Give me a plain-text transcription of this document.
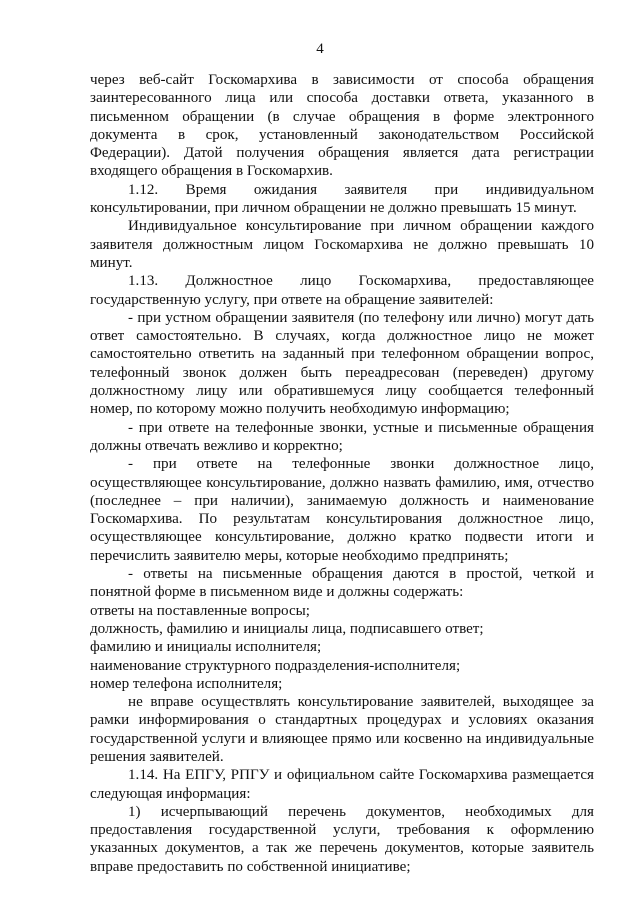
4

через веб-сайт Госкомархива в зависимости от способа обращения заинтересованного лица или способа доставки ответа, указанного в письменном обращении (в случае обращения в форме электронного документа в срок, установленный законодательством Российской Федерации). Датой получения обращения является дата регистрации входящего обращения в Госкомархив.

1.12. Время ожидания заявителя при индивидуальном консультировании, при личном обращении не должно превышать 15 минут.

Индивидуальное консультирование при личном обращении каждого заявителя должностным лицом Госкомархива не должно превышать 10 минут.

1.13. Должностное лицо Госкомархива, предоставляющее государственную услугу, при ответе на обращение заявителей:

- при устном обращении заявителя (по телефону или лично) могут дать ответ самостоятельно. В случаях, когда должностное лицо не может самостоятельно ответить на заданный при телефонном обращении вопрос, телефонный звонок должен быть переадресован (переведен) другому должностному лицу или обратившемуся лицу сообщается телефонный номер, по которому можно получить необходимую информацию;

- при ответе на телефонные звонки, устные и письменные обращения должны отвечать вежливо и корректно;

- при ответе на телефонные звонки должностное лицо, осуществляющее консультирование, должно назвать фамилию, имя, отчество (последнее – при наличии), занимаемую должность и наименование Госкомархива. По результатам консультирования должностное лицо, осуществляющее консультирование, должно кратко подвести итоги и перечислить заявителю меры, которые необходимо предпринять;

- ответы на письменные обращения даются в простой, четкой и понятной форме в письменном виде и должны содержать:

ответы на поставленные вопросы;

должность, фамилию и инициалы лица, подписавшего ответ;

фамилию и инициалы исполнителя;

наименование структурного подразделения-исполнителя;

номер телефона исполнителя;

не вправе осуществлять консультирование заявителей, выходящее за рамки информирования о стандартных процедурах и условиях оказания государственной услуги и влияющее прямо или косвенно на индивидуальные решения заявителей.

1.14. На ЕПГУ, РПГУ и официальном сайте Госкомархива размещается следующая информация:

1) исчерпывающий перечень документов, необходимых для предоставления государственной услуги, требования к оформлению указанных документов, а так же перечень документов, которые заявитель вправе предоставить по собственной инициативе;
